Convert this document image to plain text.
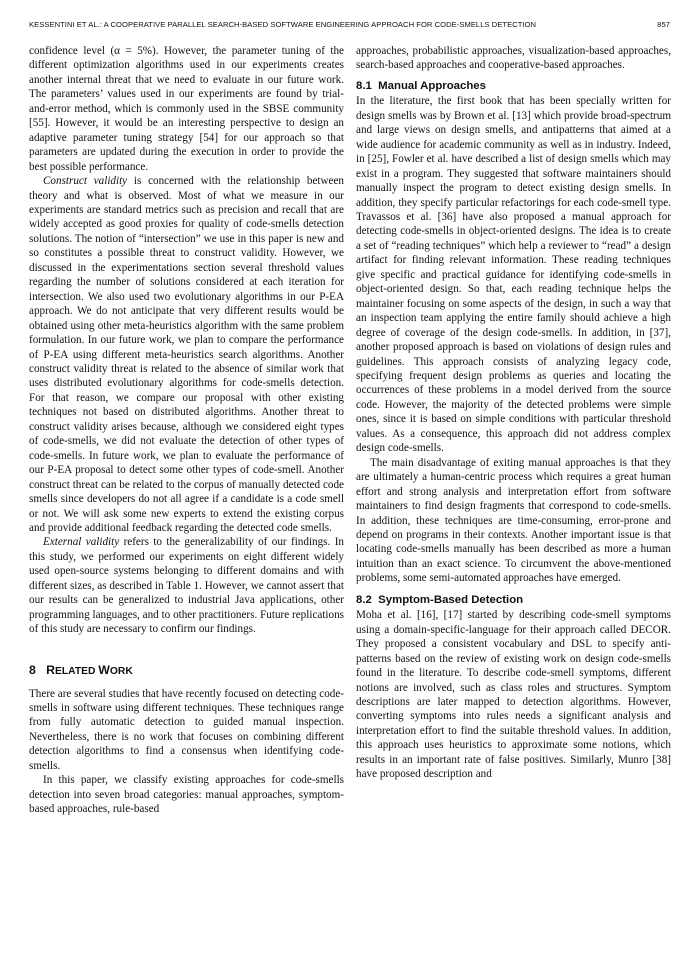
KESSENTINI ET AL.: A COOPERATIVE PARALLEL SEARCH-BASED SOFTWARE ENGINEERING APPROACH FOR CODE-SMELLS DETECTION	857

confidence level (α = 5%). However, the parameter tuning of the different optimization algorithms used in our experiments creates another internal threat that we need to evaluate in our future work. The parameters’ values used in our experiments are found by trial-and-error method, which is commonly used in the SBSE community [55]. However, it would be an interesting perspective to design an adaptive parameter tuning strategy [54] for our approach so that parameters are updated during the execution in order to provide the best possible performance.

Construct validity is concerned with the relationship between theory and what is observed. Most of what we measure in our experiments are standard metrics such as precision and recall that are widely accepted as good proxies for quality of code-smells detection solutions. The notion of “intersection” we use in this paper is new and so constitutes a possible threat to construct validity. However, we discussed in the experimentations section several threshold values regarding the number of solutions considered at each iteration for intersection. We also used two evolutionary algorithms in our P-EA approach. We do not anticipate that very different results would be obtained using other meta-heuristics algorithm with the same problem formulation. In our future work, we plan to compare the performance of P-EA using different meta-heuristics search algorithms. Another construct validity threat is related to the absence of similar work that uses distributed evolutionary algorithms for code-smells detection. For that reason, we compare our proposal with other existing techniques not based on distributed algorithms. Another threat to construct validity arises because, although we considered eight types of code-smells, we did not evaluate the detection of other types of code-smells. In future work, we plan to evaluate the performance of our P-EA proposal to detect some other types of code-smell. Another construct threat can be related to the corpus of manually detected code smells since developers do not all agree if a candidate is a code smell or not. We will ask some new experts to extend the existing corpus and provide additional feedback regarding the detected code smells.

External validity refers to the generalizability of our findings. In this study, we performed our experiments on eight different widely used open-source systems belonging to different domains and with different sizes, as described in Table 1. However, we cannot assert that our results can be generalized to industrial Java applications, other programming languages, and to other practitioners. Future replications of this study are necessary to confirm our findings.

8 RELATED WORK

There are several studies that have recently focused on detecting code-smells in software using different techniques. These techniques range from fully automatic detection to guided manual inspection. Nevertheless, there is no work that focuses on combining different detection algorithms to find a consensus when identifying code-smells.

In this paper, we classify existing approaches for code-smells detection into seven broad categories: manual approaches, symptom-based approaches, rule-based

approaches, probabilistic approaches, visualization-based approaches, search-based approaches and cooperative-based approaches.

8.1  Manual Approaches

In the literature, the first book that has been specially written for design smells was by Brown et al. [13] which provide broad-spectrum and large views on design smells, and antipatterns that aimed at a wide audience for academic community as well as in industry. Indeed, in [25], Fowler et al. have described a list of design smells which may exist in a program. They suggested that software maintainers should manually inspect the program to detect existing design smells. In addition, they specify particular refactorings for each code-smell type. Travassos et al. [36] have also proposed a manual approach for detecting code-smells in object-oriented designs. The idea is to create a set of “reading techniques” which help a reviewer to “read” a design artifact for finding relevant information. These reading techniques give specific and practical guidance for identifying code-smells in object-oriented design. So that, each reading technique helps the maintainer focusing on some aspects of the design, in such a way that an inspection team applying the entire family should achieve a high degree of coverage of the design code-smells. In addition, in [37], another proposed approach is based on violations of design rules and guidelines. This approach consists of analyzing legacy code, specifying frequent design problems as queries and locating the occurrences of these problems in a model derived from the source code. However, the majority of the detected problems were simple ones, since it is based on simple conditions with particular threshold values. As a consequence, this approach did not address complex design code-smells.

The main disadvantage of exiting manual approaches is that they are ultimately a human-centric process which requires a great human effort and strong analysis and interpretation effort from software maintainers to find design fragments that correspond to code-smells. In addition, these techniques are time-consuming, error-prone and depend on programs in their contexts. Another important issue is that locating code-smells manually has been described as more a human intuition than an exact science. To circumvent the above-mentioned problems, some semi-automated approaches have emerged.

8.2  Symptom-Based Detection

Moha et al. [16], [17] started by describing code-smell symptoms using a domain-specific-language for their approach called DECOR. They proposed a consistent vocabulary and DSL to specify anti-patterns based on the review of existing work on design code-smells found in the literature. To describe code-smell symptoms, different notions are involved, such as class roles and structures. Symptom descriptions are later mapped to detection algorithms. However, converting symptoms into rules needs a significant analysis and interpretation effort to find the suitable threshold values. In addition, this approach uses heuristics to approximate some notions, which results in an important rate of false positives. Similarly, Munro [38] have proposed description and
